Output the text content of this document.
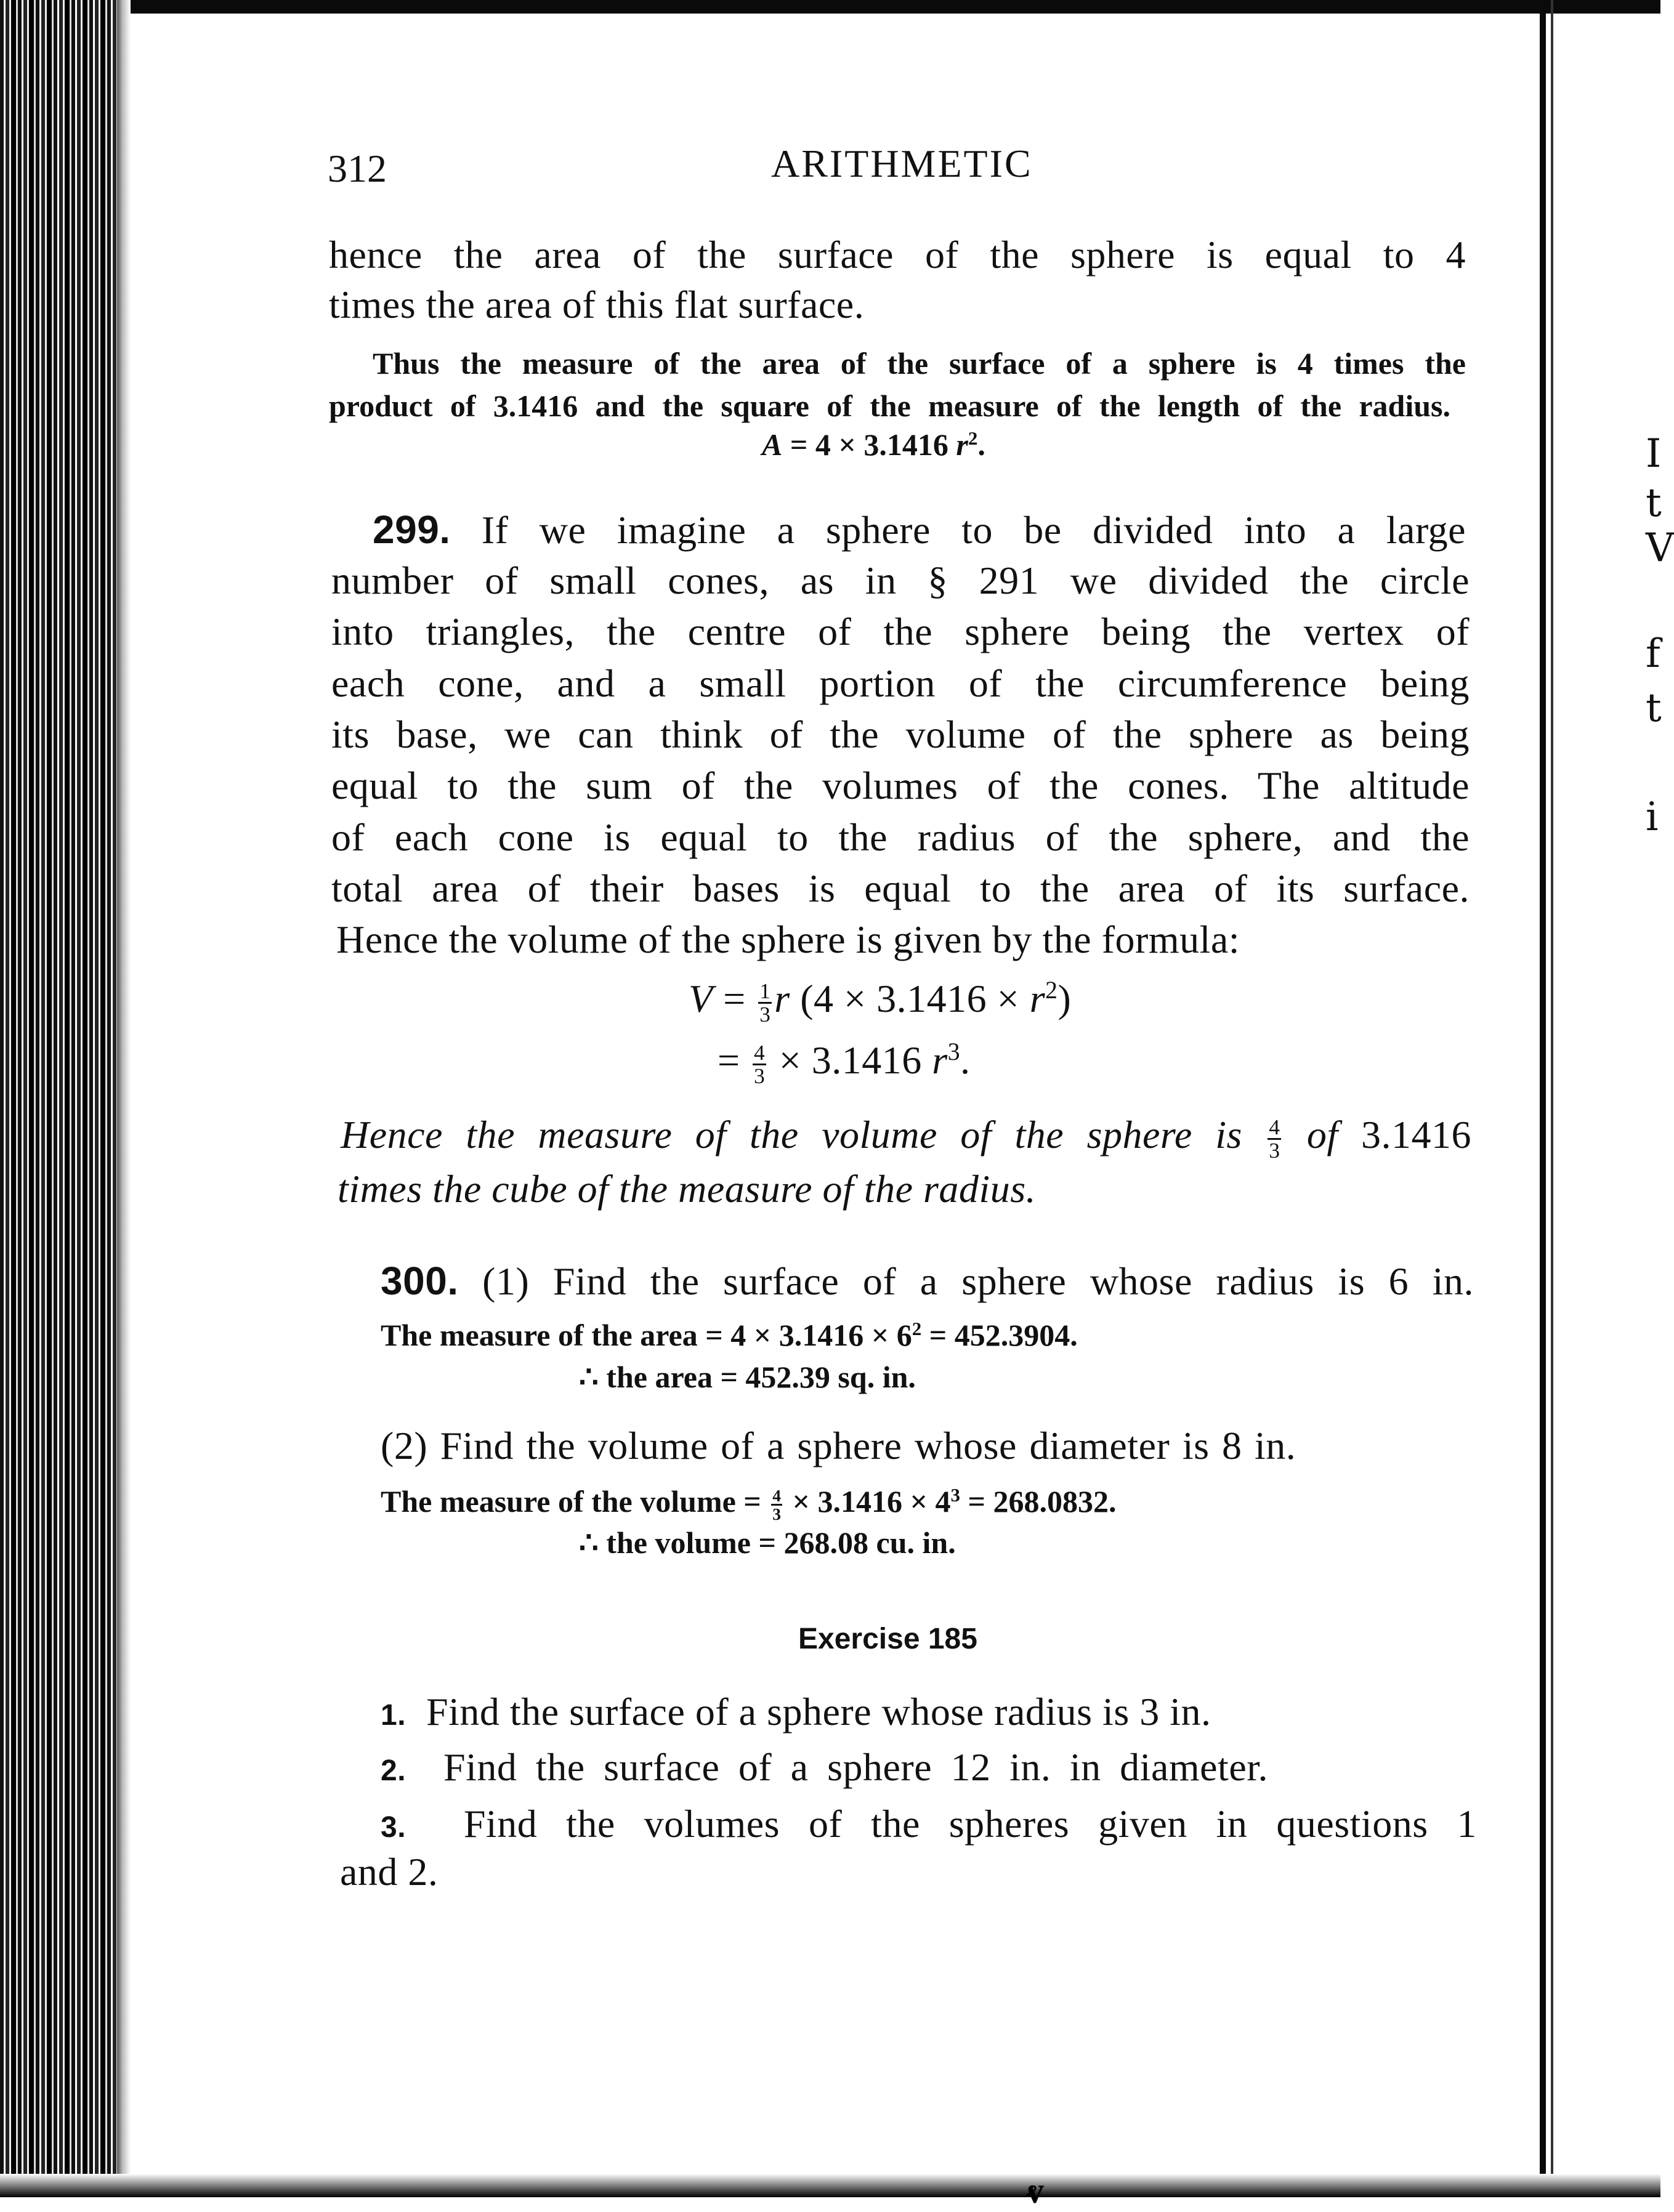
ⱴ
I
t
V
f
t
i
312	ARITHMETIC
hence the area of the surface of the sphere is equal to 4
times the area of this flat surface.
Thus the measure of the area of the surface of a sphere is 4 times the
product of 3.1416 and the square of the measure of the length of the radius.
A = 4 × 3.1416 $r^2$.
299. If we imagine a sphere to be divided into a large
number of small cones, as in § 291 we divided the circle
into triangles, the centre of the sphere being the vertex of
each cone, and a small portion of the circumference being
its base, we can think of the volume of the sphere as being
equal to the sum of the volumes of the cones. The altitude
of each cone is equal to the radius of the sphere, and the
total area of their bases is equal to the area of its surface.
Hence the volume of the sphere is given by the formula:
$V = \frac{1}{3}$ r $(4 \times 3.1416 \times r^2)$
= $\frac{4}{3} \times 3.1416$ $r^3$.
Hence the measure of the volume of the sphere is $\frac{4}{3}$ of 3.1416
times the cube of the measure of the radius.
300. (1) Find the surface of a sphere whose radius is 6 in.
The measure of the area = $4 \times 3.1416 \times 6^2 = 452.3904$.
∴ the area = 452.39 sq. in.
(2) Find the volume of a sphere whose diameter is 8 in.
The measure of the volume = $\frac{4}{3} \times 3.1416 \times 4^3 = 268.0832$.
∴ the volume = 268.08 cu. in.
Exercise 185
1. Find the surface of a sphere whose radius is 3 in.
2. Find the surface of a sphere 12 in. in diameter.
3. Find the volumes of the spheres given in questions 1
and 2.
